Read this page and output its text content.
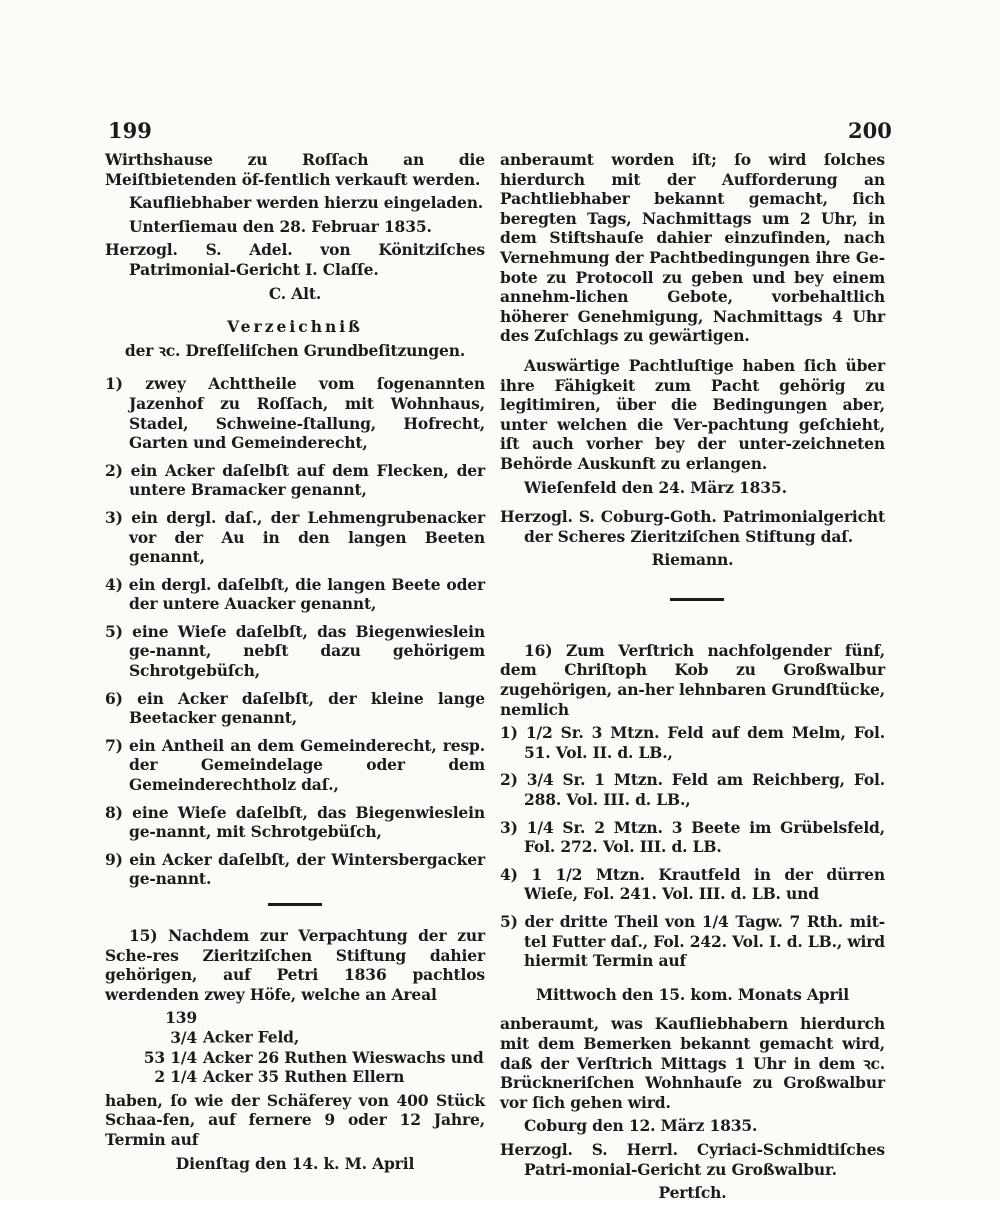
199	200

Wirthshause zu Roſſach an die Meiſtbietenden öf-fentlich verkauft werden.

Kaufliebhaber werden hierzu eingeladen.

Unterſiemau den 28. Februar 1835.

Herzogl. S. Adel. von Könitziſches Patrimonial-Gericht I. Claſſe.

C. Alt.

Verzeichniß

der ꝛc. Dreſſeliſchen Grundbeſitzungen.

1) zwey Achttheile vom ſogenannten Jazenhof zu Roſſach, mit Wohnhaus, Stadel, Schweine-ſtallung, Hofrecht, Garten und Gemeinderecht,

2) ein Acker daſelbſt auf dem Flecken, der untere Bramacker genannt,

3) ein dergl. daſ., der Lehmengrubenacker vor der Au in den langen Beeten genannt,

4) ein dergl. daſelbſt, die langen Beete oder der untere Auacker genannt,

5) eine Wieſe daſelbſt, das Biegenwieslein ge-nannt, nebſt dazu gehörigem Schrotgebüſch,

6) ein Acker daſelbſt, der kleine lange Beetacker genannt,

7) ein Antheil an dem Gemeinderecht, resp. der Gemeindelage oder dem Gemeinderechtholz daſ.,

8) eine Wieſe daſelbſt, das Biegenwieslein ge-nannt, mit Schrotgebüſch,

9) ein Acker daſelbſt, der Wintersbergacker ge-nannt.

15) Nachdem zur Verpachtung der zur Sche-res Zieritziſchen Stiftung dahier gehörigen, auf Petri 1836 pachtlos werdenden zwey Höfe, welche an Areal

139 3/4 Acker Feld,

53 1/4 Acker 26 Ruthen Wieswachs und

2 1/4 Acker 35 Ruthen Ellern

haben, ſo wie der Schäferey von 400 Stück Schaa-fen, auf fernere 9 oder 12 Jahre, Termin auf

Dienſtag den 14. k. M. April

anberaumt worden iſt; ſo wird ſolches hierdurch mit der Aufforderung an Pachtliebhaber bekannt gemacht, ſich beregten Tags, Nachmittags um 2 Uhr, in dem Stiftshauſe dahier einzufinden, nach Vernehmung der Pachtbedingungen ihre Ge-bote zu Protocoll zu geben und bey einem annehm-lichen Gebote, vorbehaltlich höherer Genehmigung, Nachmittags 4 Uhr des Zuſchlags zu gewärtigen.

Auswärtige Pachtluſtige haben ſich über ihre Fähigkeit zum Pacht gehörig zu legitimiren, über die Bedingungen aber, unter welchen die Ver-pachtung geſchieht, iſt auch vorher bey der unter-zeichneten Behörde Auskunft zu erlangen.

Wieſenfeld den 24. März 1835.

Herzogl. S. Coburg-Goth. Patrimonialgericht der Scheres Zieritziſchen Stiftung daſ.

Riemann.

16) Zum Verſtrich nachfolgender fünf, dem Chriſtoph Kob zu Großwalbur zugehörigen, an-her lehnbaren Grundſtücke, nemlich

1) 1/2 Sr. 3 Mtzn. Feld auf dem Melm, Fol. 51. Vol. II. d. LB.,

2) 3/4 Sr. 1 Mtzn. Feld am Reichberg, Fol. 288. Vol. III. d. LB.,

3) 1/4 Sr. 2 Mtzn. 3 Beete im Grübelsfeld, Fol. 272. Vol. III. d. LB.

4) 1 1/2 Mtzn. Krautfeld in der dürren Wieſe, Fol. 241. Vol. III. d. LB. und

5) der dritte Theil von 1/4 Tagw. 7 Rth. mit-tel Futter daſ., Fol. 242. Vol. I. d. LB., wird hiermit Termin auf

Mittwoch den 15. kom. Monats April

anberaumt, was Kaufliebhabern hierdurch mit dem Bemerken bekannt gemacht wird, daß der Verſtrich Mittags 1 Uhr in dem ꝛc. Brückneriſchen Wohnhauſe zu Großwalbur vor ſich gehen wird.

Coburg den 12. März 1835.

Herzogl. S. Herrl. Cyriaci-Schmidtiſches Patri-monial-Gericht zu Großwalbur.

Pertſch.
